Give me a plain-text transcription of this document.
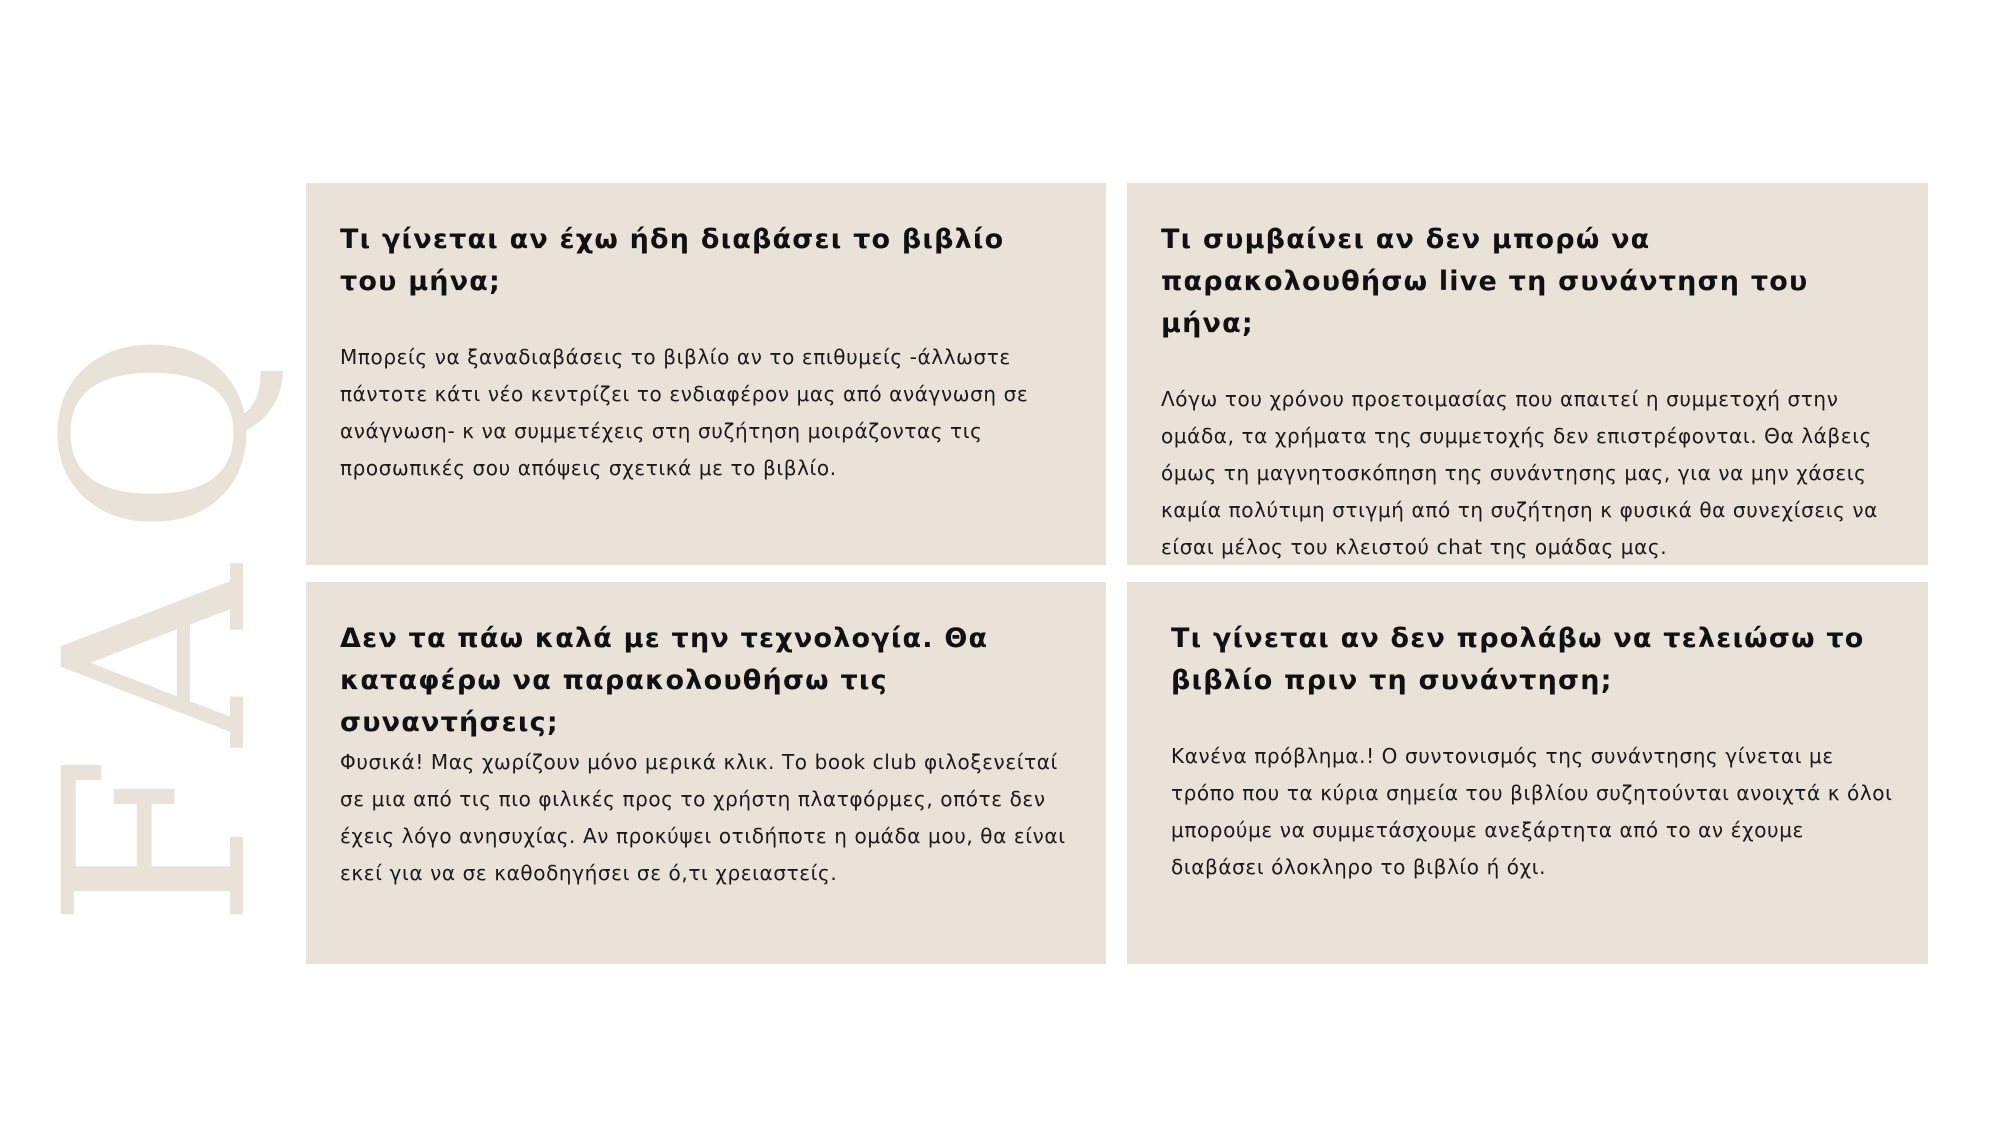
FAQ
Τι γίνεται αν έχω ήδη διαβάσει το βιβλίο του μήνα;

Μπορείς να ξαναδιαβάσεις το βιβλίο αν το επιθυμείς -άλλωστε πάντοτε κάτι νέο κεντρίζει το ενδιαφέρον μας από ανάγνωση σε ανάγνωση- κ να συμμετέχεις στη συζήτηση μοιράζοντας τις προσωπικές σου απόψεις σχετικά με το βιβλίο.

Τι συμβαίνει αν δεν μπορώ να παρακολουθήσω live τη συνάντηση του μήνα;

Λόγω του χρόνου προετοιμασίας που απαιτεί η συμμετοχή στην ομάδα, τα χρήματα της συμμετοχής δεν επιστρέφονται. Θα λάβεις όμως τη μαγνητοσκόπηση της συνάντησης μας, για να μην χάσεις καμία πολύτιμη στιγμή από τη συζήτηση κ φυσικά θα συνεχίσεις να είσαι μέλος του κλειστού chat της ομάδας μας.

Δεν τα πάω καλά με την τεχνολογία. Θα καταφέρω να παρακολουθήσω τις συναντήσεις;

Φυσικά! Μας χωρίζουν μόνο μερικά κλικ. Το book club φιλοξενείταί σε μια από τις πιο φιλικές προς το χρήστη πλατφόρμες, οπότε δεν έχεις λόγο ανησυχίας. Αν προκύψει οτιδήποτε η ομάδα μου, θα είναι εκεί για να σε καθοδηγήσει σε ό,τι χρειαστείς.

Τι γίνεται αν δεν προλάβω να τελειώσω το βιβλίο πριν τη συνάντηση;

Κανένα πρόβλημα.! Ο συντονισμός της συνάντησης γίνεται με τρόπο που τα κύρια σημεία του βιβλίου συζητούνται ανοιχτά κ όλοι μπορούμε να συμμετάσχουμε ανεξάρτητα από το αν έχουμε διαβάσει όλοκληρο το βιβλίο ή όχι.
